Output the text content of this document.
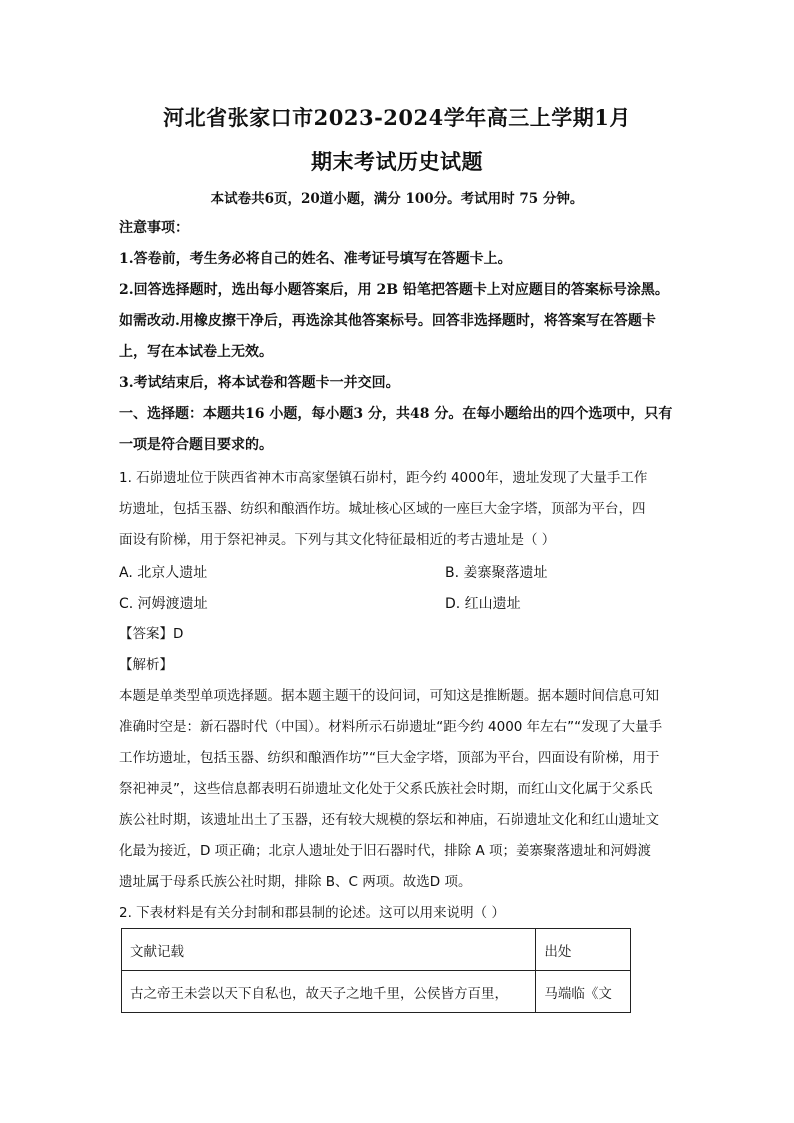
河北省张家口市2023-2024学年高三上学期1月
期末考试历史试题
本试卷共6页，20道小题，满分 100分。考试用时 75 分钟。
注意事项：
1.答卷前，考生务必将自己的姓名、准考证号填写在答题卡上。
2.回答选择题时，选出每小题答案后，用 2B 铅笔把答题卡上对应题目的答案标号涂黑。
如需改动.用橡皮擦干净后，再选涂其他答案标号。回答非选择题时，将答案写在答题卡
上，写在本试卷上无效。
3.考试结束后，将本试卷和答题卡一并交回。
一、选择题：本题共16 小题，每小题3 分，共48 分。在每小题给出的四个选项中，只有
一项是符合题目要求的。
1. 石峁遗址位于陕西省神木市高家堡镇石峁村，距今约 4000年，遗址发现了大量手工作
坊遗址，包括玉器、纺织和酿酒作坊。城址核心区域的一座巨大金字塔，顶部为平台，四
面设有阶梯，用于祭祀神灵。下列与其文化特征最相近的考古遗址是（ ）
A. 北京人遗址	B. 姜寨聚落遗址
C. 河姆渡遗址	D. 红山遗址
【答案】D
【解析】
本题是单类型单项选择题。据本题主题干的设问词，可知这是推断题。据本题时间信息可知
准确时空是：新石器时代（中国）。材料所示石峁遗址“距今约 4000 年左右”“发现了大量手
工作坊遗址，包括玉器、纺织和酿酒作坊”“巨大金字塔，顶部为平台，四面设有阶梯，用于
祭祀神灵”，这些信息都表明石峁遗址文化处于父系氏族社会时期，而红山文化属于父系氏
族公社时期，该遗址出土了玉器，还有较大规模的祭坛和神庙，石峁遗址文化和红山遗址文
化最为接近，D 项正确；北京人遗址处于旧石器时代，排除 A 项；姜寨聚落遗址和河姆渡
遗址属于母系氏族公社时期，排除 B、C 两项。故选D 项。
2. 下表材料是有关分封制和郡县制的论述。这可以用来说明（ ）
文献记载	出处
古之帝王未尝以天下自私也，故天子之地千里，公侯皆方百里，	马端临《文
